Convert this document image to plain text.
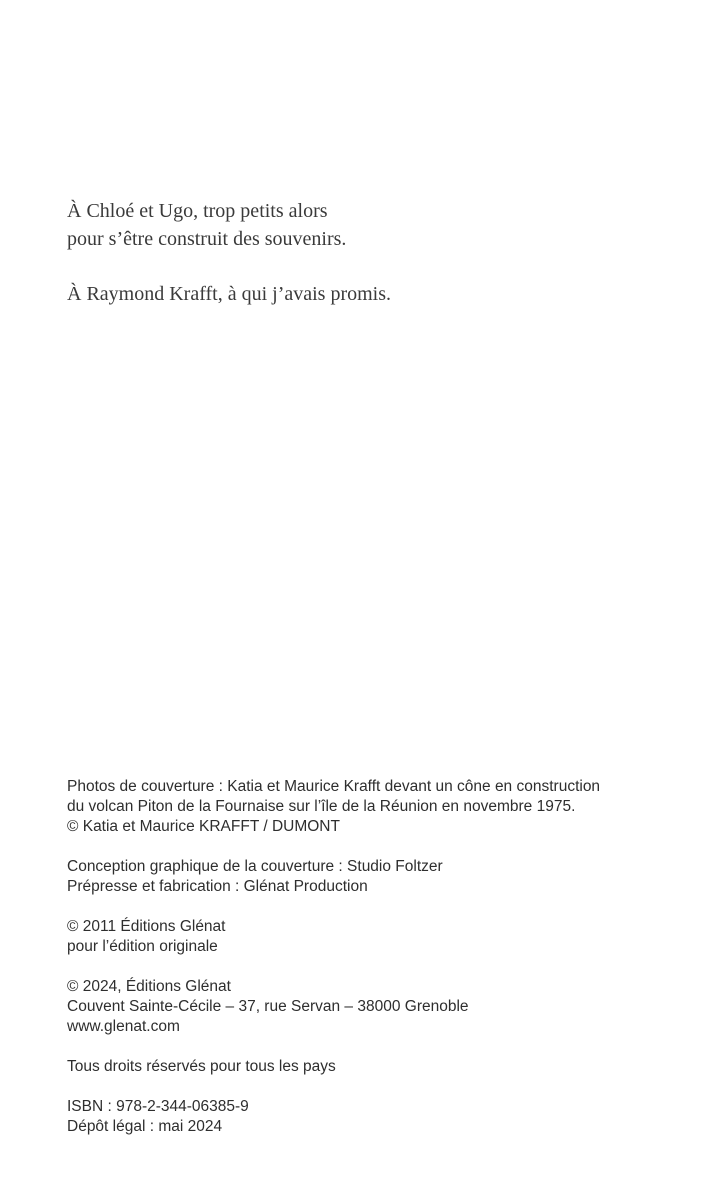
À Chloé et Ugo, trop petits alors
pour s’être construit des souvenirs.

À Raymond Krafft, à qui j’avais promis.

Photos de couverture : Katia et Maurice Krafft devant un cône en construction
du volcan Piton de la Fournaise sur l’île de la Réunion en novembre 1975.
© Katia et Maurice KRAFFT / DUMONT
Conception graphique de la couverture : Studio Foltzer
Prépresse et fabrication : Glénat Production
© 2011 Éditions Glénat
pour l’édition originale
© 2024, Éditions Glénat
Couvent Sainte-Cécile – 37, rue Servan – 38000 Grenoble
www.glenat.com
Tous droits réservés pour tous les pays
ISBN : 978-2-344-06385-9
Dépôt légal : mai 2024
